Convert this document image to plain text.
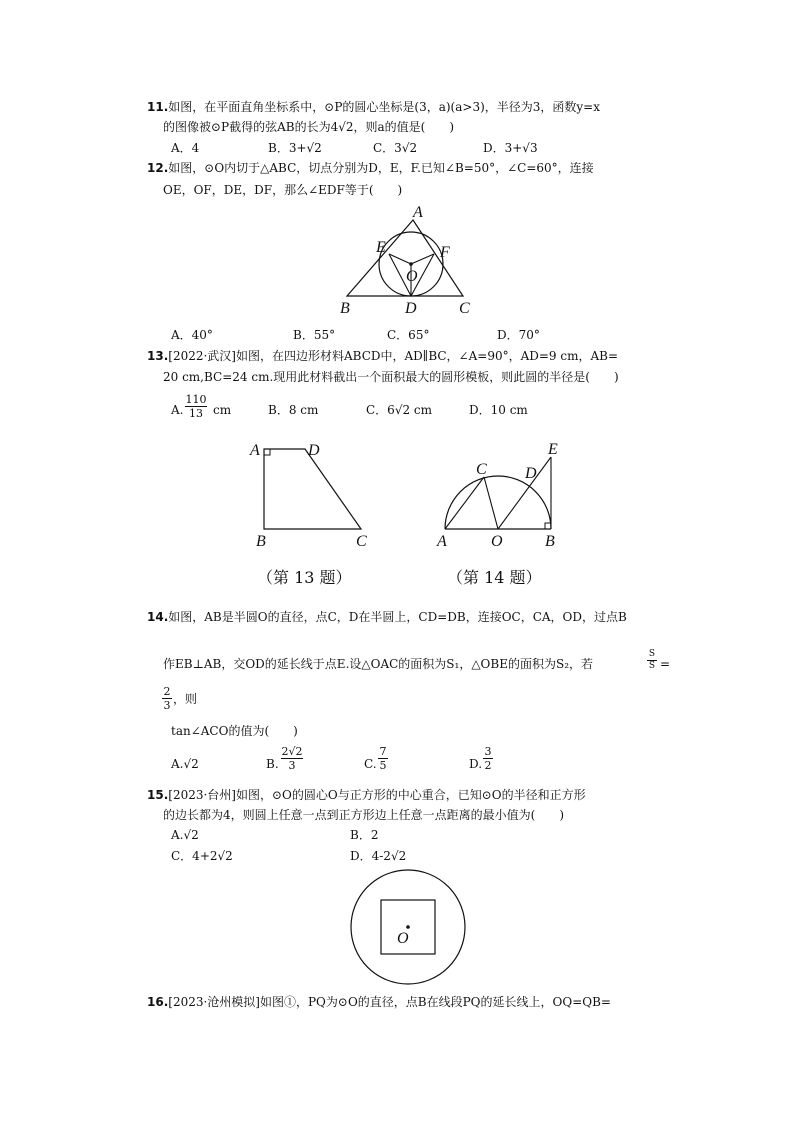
11.如图，在平面直角坐标系中，⊙P的圆心坐标是(3，a)(a>3)，半径为3，函数y=x
的图像被⊙P截得的弦AB的长为4√2，则a的值是(　　)
A．4	B．3+√2	C．3√2	D．3+√3
12.如图，⊙O内切于△ABC，切点分别为D，E，F.已知∠B=50°，∠C=60°，连接
OE，OF，DE，DF，那么∠EDF等于(　　)
A
E	F
O
B	D	C
A．40°	B．55°	C．65°	D．70°
13.[2022·武汉]如图，在四边形材料ABCD中，AD∥BC，∠A=90°，AD=9 cm，AB=
20 cm,BC=24 cm.现用此材料截出一个面积最大的圆形模板，则此圆的半径是(　　)
A. $\frac{110}{13}$ cm	B．8 cm	C．6√2 cm	D．10 cm
A	D
B	C
C D
E
A	O	B
（第 13 题）	（第 14 题）
14.如图，AB是半圆O的直径，点C，D在半圆上，CD=DB，连接OC，CA，OD，过点B
作EB⊥AB，交OD的延长线于点E.设△OAC的面积为S₁，△OBE的面积为S₂，若	$\frac{S}{S}$ =
$\frac{2}{3}$ ，则
tan∠ACO的值为(　　)
A.√2	B. $\frac{2√2}{3}$	C. $\frac{7}{5}$	D. $\frac{3}{2}$
15.[2023·台州]如图，⊙O的圆心O与正方形的中心重合，已知⊙O的半径和正方形
的边长都为4，则圆上任意一点到正方形边上任意一点距离的最小值为(　　)
A.√2	B．2
C．4+2√2	D．4-2√2
O
16.[2023·沧州模拟]如图①，PQ为⊙O的直径，点B在线段PQ的延长线上，OQ=QB=
